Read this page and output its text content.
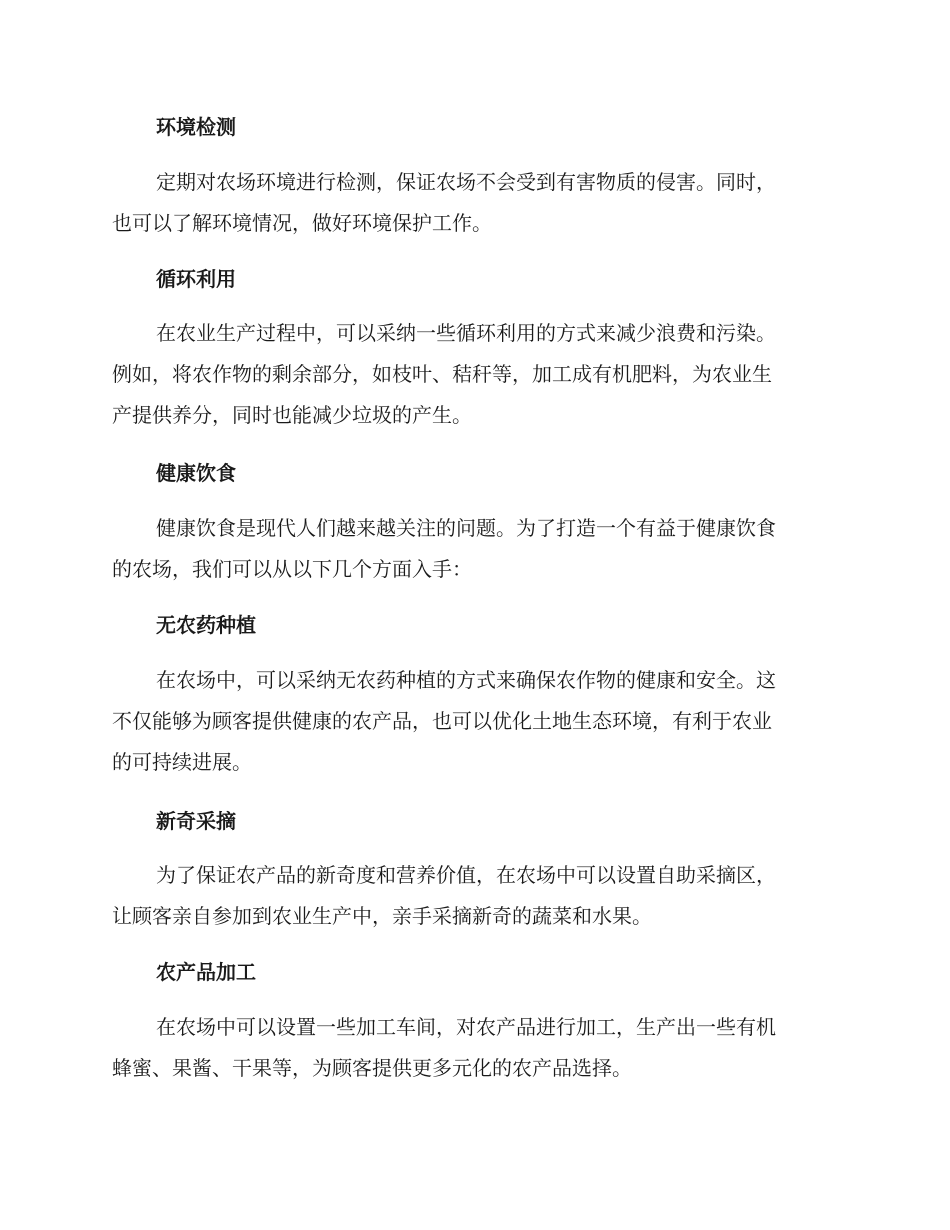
环境检测

定期对农场环境进行检测，保证农场不会受到有害物质的侵害。同时，
也可以了解环境情况，做好环境保护工作。

循环利用

在农业生产过程中，可以采纳一些循环利用的方式来减少浪费和污染。
例如，将农作物的剩余部分，如枝叶、秸秆等，加工成有机肥料，为农业生
产提供养分，同时也能减少垃圾的产生。

健康饮食

健康饮食是现代人们越来越关注的问题。为了打造一个有益于健康饮食
的农场，我们可以从以下几个方面入手：

无农药种植

在农场中，可以采纳无农药种植的方式来确保农作物的健康和安全。这
不仅能够为顾客提供健康的农产品，也可以优化土地生态环境，有利于农业
的可持续进展。

新奇采摘

为了保证农产品的新奇度和营养价值，在农场中可以设置自助采摘区，
让顾客亲自参加到农业生产中，亲手采摘新奇的蔬菜和水果。

农产品加工

在农场中可以设置一些加工车间，对农产品进行加工，生产出一些有机
蜂蜜、果酱、干果等，为顾客提供更多元化的农产品选择。
